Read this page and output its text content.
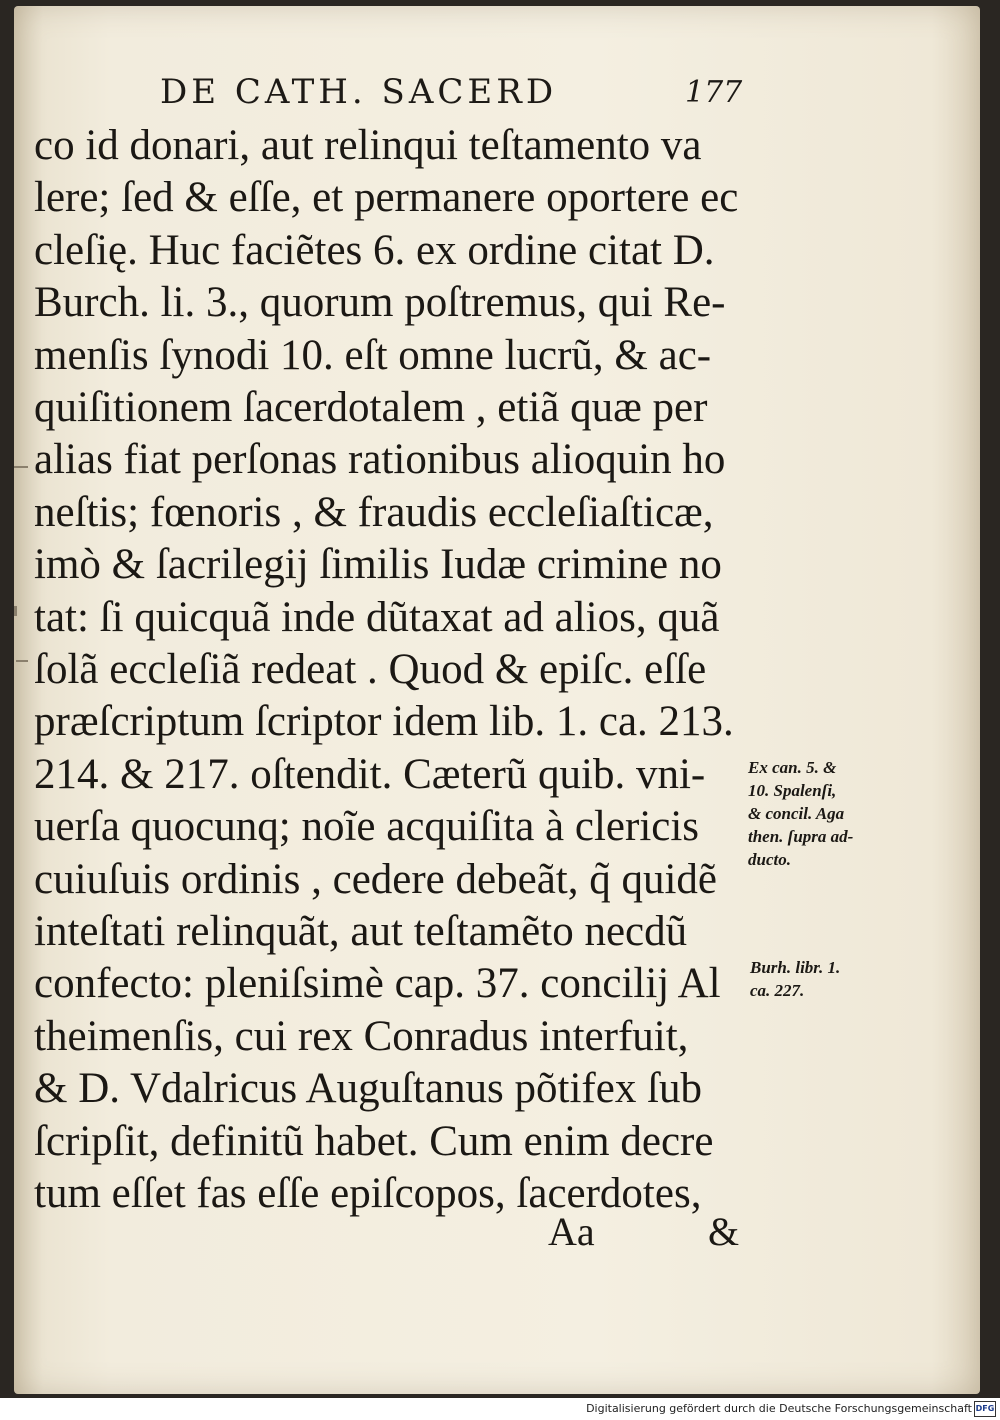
DE CATH. SACERD	177
co id donari, aut relinqui teſtamento va
lere; ſed & eſſe, et permanere oportere ec
cleſię. Huc faciẽtes 6. ex ordine citat D.
Burch. li. 3., quorum poſtremus, qui Re-
menſis ſynodi 10. eſt omne lucrũ, & ac-
quiſitionem ſacerdotalem , etiã quæ per
alias fiat perſonas rationibus alioquin ho
neſtis; fœnoris , & fraudis eccleſiaſticæ,
imò & ſacrilegij ſimilis Iudæ crimine no
tat: ſi quicquã inde dũtaxat ad alios, quã
ſolã eccleſiã redeat . Quod & epiſc. eſſe
præſcriptum ſcriptor idem lib. 1. ca. 213.
214. & 217. oſtendit. Cæterũ quib. vni-
uerſa quocunq; noĩe acquiſita à clericis
cuiuſuis ordinis , cedere debeãt, q̃ quidẽ
inteſtati relinquãt, aut teſtamẽto necdũ
confecto: pleniſsimè cap. 37. concilij Al
theimenſis, cui rex Conradus interfuit,
& D. Vdalricus Auguſtanus põtifex ſub
ſcripſit, definitũ habet. Cum enim decre
tum eſſet fas eſſe epiſcopos, ſacerdotes,
Ex can. 5. &
10. Spalenſi,
& concil. Aga
then. ſupra ad-
ducto.
Burh. libr. 1.
ca. 227.
Aa	&
Digitalisierung gefördert durch die Deutsche Forschungsgemeinschaft DFG
